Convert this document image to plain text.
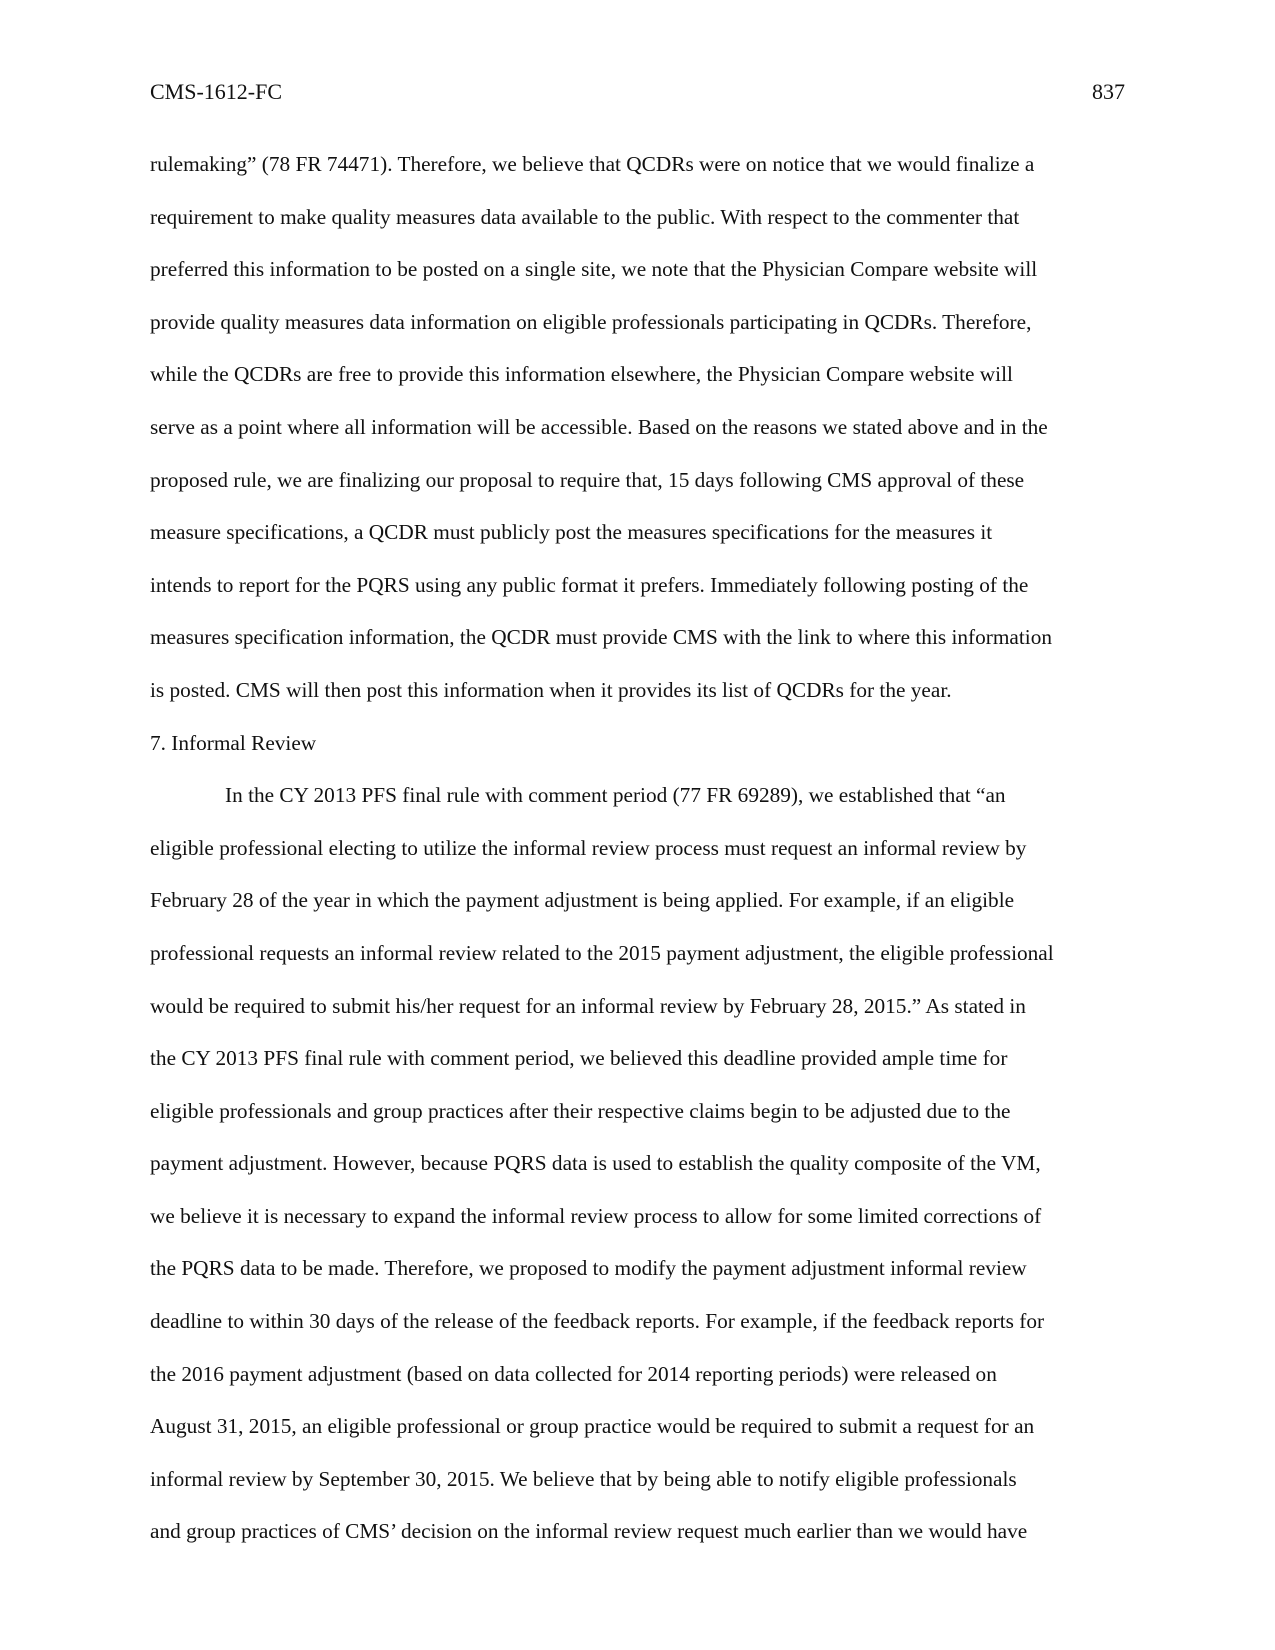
CMS-1612-FC	837
rulemaking” (78 FR 74471). Therefore, we believe that QCDRs were on notice that we would finalize a
requirement to make quality measures data available to the public. With respect to the commenter that
preferred this information to be posted on a single site, we note that the Physician Compare website will
provide quality measures data information on eligible professionals participating in QCDRs. Therefore,
while the QCDRs are free to provide this information elsewhere, the Physician Compare website will
serve as a point where all information will be accessible. Based on the reasons we stated above and in the
proposed rule, we are finalizing our proposal to require that, 15 days following CMS approval of these
measure specifications, a QCDR must publicly post the measures specifications for the measures it
intends to report for the PQRS using any public format it prefers. Immediately following posting of the
measures specification information, the QCDR must provide CMS with the link to where this information
is posted. CMS will then post this information when it provides its list of QCDRs for the year.
7. Informal Review
In the CY 2013 PFS final rule with comment period (77 FR 69289), we established that “an
eligible professional electing to utilize the informal review process must request an informal review by
February 28 of the year in which the payment adjustment is being applied. For example, if an eligible
professional requests an informal review related to the 2015 payment adjustment, the eligible professional
would be required to submit his/her request for an informal review by February 28, 2015.” As stated in
the CY 2013 PFS final rule with comment period, we believed this deadline provided ample time for
eligible professionals and group practices after their respective claims begin to be adjusted due to the
payment adjustment. However, because PQRS data is used to establish the quality composite of the VM,
we believe it is necessary to expand the informal review process to allow for some limited corrections of
the PQRS data to be made. Therefore, we proposed to modify the payment adjustment informal review
deadline to within 30 days of the release of the feedback reports. For example, if the feedback reports for
the 2016 payment adjustment (based on data collected for 2014 reporting periods) were released on
August 31, 2015, an eligible professional or group practice would be required to submit a request for an
informal review by September 30, 2015. We believe that by being able to notify eligible professionals
and group practices of CMS’ decision on the informal review request much earlier than we would have
